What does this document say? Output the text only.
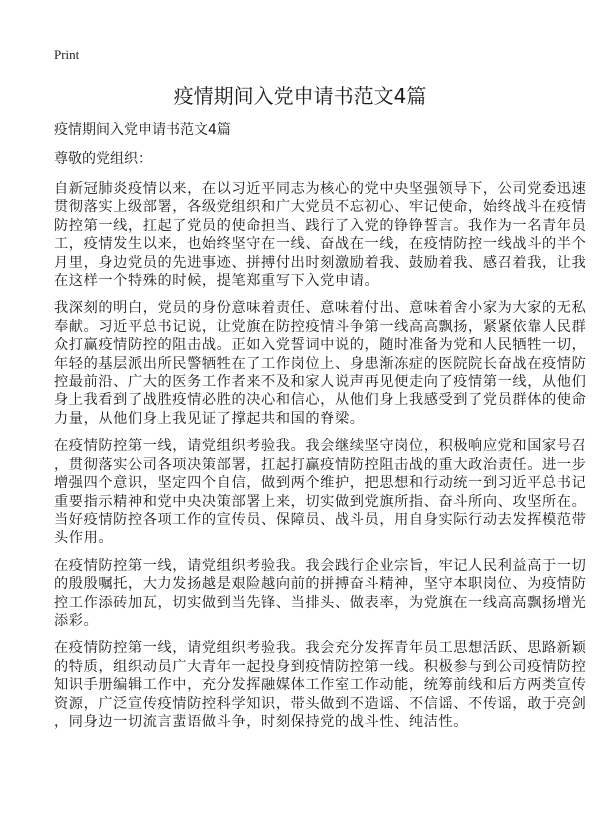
Print
疫情期间入党申请书范文4篇
疫情期间入党申请书范文4篇
尊敬的党组织：

自新冠肺炎疫情以来，在以习近平同志为核心的党中央坚强领导下，公司党委迅速
贯彻落实上级部署，各级党组织和广大党员不忘初心、牢记使命，始终战斗在疫情
防控第一线，扛起了党员的使命担当、践行了入党的铮铮誓言。我作为一名青年员
工，疫情发生以来，也始终坚守在一线、奋战在一线，在疫情防控一线战斗的半个
月里，身边党员的先进事迹、拼搏付出时刻激励着我、鼓励着我、感召着我，让我
在这样一个特殊的时候，提笔郑重写下入党申请。

我深刻的明白，党员的身份意味着责任、意味着付出、意味着舍小家为大家的无私
奉献。习近平总书记说，让党旗在防控疫情斗争第一线高高飘扬，紧紧依靠人民群
众打赢疫情防控的阻击战。正如入党誓词中说的，随时准备为党和人民牺牲一切，
年轻的基层派出所民警牺牲在了工作岗位上、身患渐冻症的医院院长奋战在疫情防
控最前沿、广大的医务工作者来不及和家人说声再见便走向了疫情第一线，从他们
身上我看到了战胜疫情必胜的决心和信心，从他们身上我感受到了党员群体的使命
力量，从他们身上我见证了撑起共和国的脊梁。

在疫情防控第一线，请党组织考验我。我会继续坚守岗位，积极响应党和国家号召
，贯彻落实公司各项决策部署，扛起打赢疫情防控阻击战的重大政治责任。进一步
增强四个意识，坚定四个自信，做到两个维护，把思想和行动统一到习近平总书记
重要指示精神和党中央决策部署上来，切实做到党旗所指、奋斗所向、攻坚所在。
当好疫情防控各项工作的宣传员、保障员、战斗员，用自身实际行动去发挥模范带
头作用。

在疫情防控第一线，请党组织考验我。我会践行企业宗旨，牢记人民利益高于一切
的殷殷嘱托，大力发扬越是艰险越向前的拼搏奋斗精神，坚守本职岗位、为疫情防
控工作添砖加瓦，切实做到当先锋、当排头、做表率，为党旗在一线高高飘扬增光
添彩。

在疫情防控第一线，请党组织考验我。我会充分发挥青年员工思想活跃、思路新颖
的特质，组织动员广大青年一起投身到疫情防控第一线。积极参与到公司疫情防控
知识手册编辑工作中，充分发挥融媒体工作室工作动能，统筹前线和后方两类宣传
资源，广泛宣传疫情防控科学知识，带头做到不造谣、不信谣、不传谣，敢于亮剑
，同身边一切流言蜚语做斗争，时刻保持党的战斗性、纯洁性。
